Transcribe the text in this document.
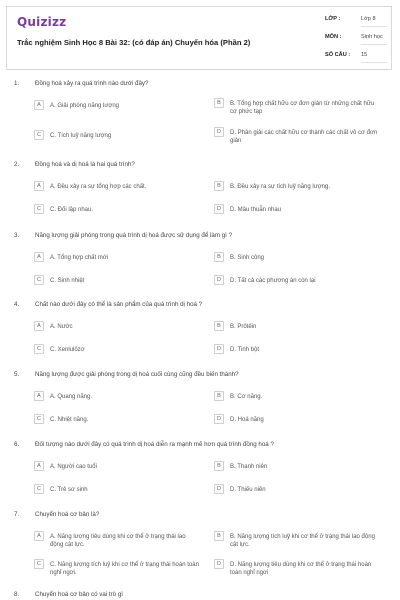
Quizizz
Trắc nghiệm Sinh Học 8 Bài 32: (có đáp án) Chuyển hóa (Phần 2)
LỚP :	Lớp 8
MÔN :	Sinh học
SỐ CÂU : 15
1.	Đồng hoá xảy ra quá trình nào dưới đây?
A	A. Giải phóng năng lượng	B	B. Tổng hợp chất hữu cơ đơn giản từ những chất hữu cơ phức tạp
C	C. Tích luỹ năng lượng
D	D. Phân giải các chất hữu cơ thành các chất vô cơ đơn giản
2.	Đồng hoá và dị hoá là hai quá trình?
A	A. Đều xảy ra sự tổng hợp các chất.	B	B. Đều xảy ra sự tích luỹ năng lượng.
C	C. Đối lập nhau.	D	D. Mâu thuẫn nhau
3.	Năng lượng giải phóng trong quá trình dị hoá được sử dụng để làm gì ?
A	A. Tổng hợp chất mới	B	B. Sinh công
C	C. Sinh nhiệt	D	D. Tất cả các phương án còn lại
4.	Chất nào dưới đây có thể là sản phẩm của quá trình dị hoá ?
A	A. Nước	B	B. Prôtêin
C	C. Xenlulôzơ	D	D. Tinh bột
5.	Năng lượng được giải phóng trong dị hoá cuối cùng cũng đều biến thành?
A	A. Quang năng.	B	B. Cơ năng.
C	C. Nhiệt năng.	D	D. Hoá năng
6.	Đối tượng nào dưới đây có quá trình dị hoá diễn ra mạnh mẽ hơn quá trình đồng hoá ?
A	A. Người cao tuổi	B	B. Thanh niên
C	C. Trẻ sơ sinh	D	D. Thiếu niên
7.	Chuyển hoá cơ bản là?
A	A. Năng lượng tiêu dùng khi cơ thể ở trạng thái lao động cật lực.
B	B. Năng lượng tích luỹ khi cơ thể ở trạng thái lao động cật lực.
C	C. Năng lượng tích luỹ khi cơ thể ở trạng thái hoàn toàn nghỉ ngơi.
D	D. Năng lượng tiêu dùng khi cơ thể ở trạng thái hoàn toàn nghỉ ngơi
8.	Chuyển hoá cơ bản có vai trò gì
